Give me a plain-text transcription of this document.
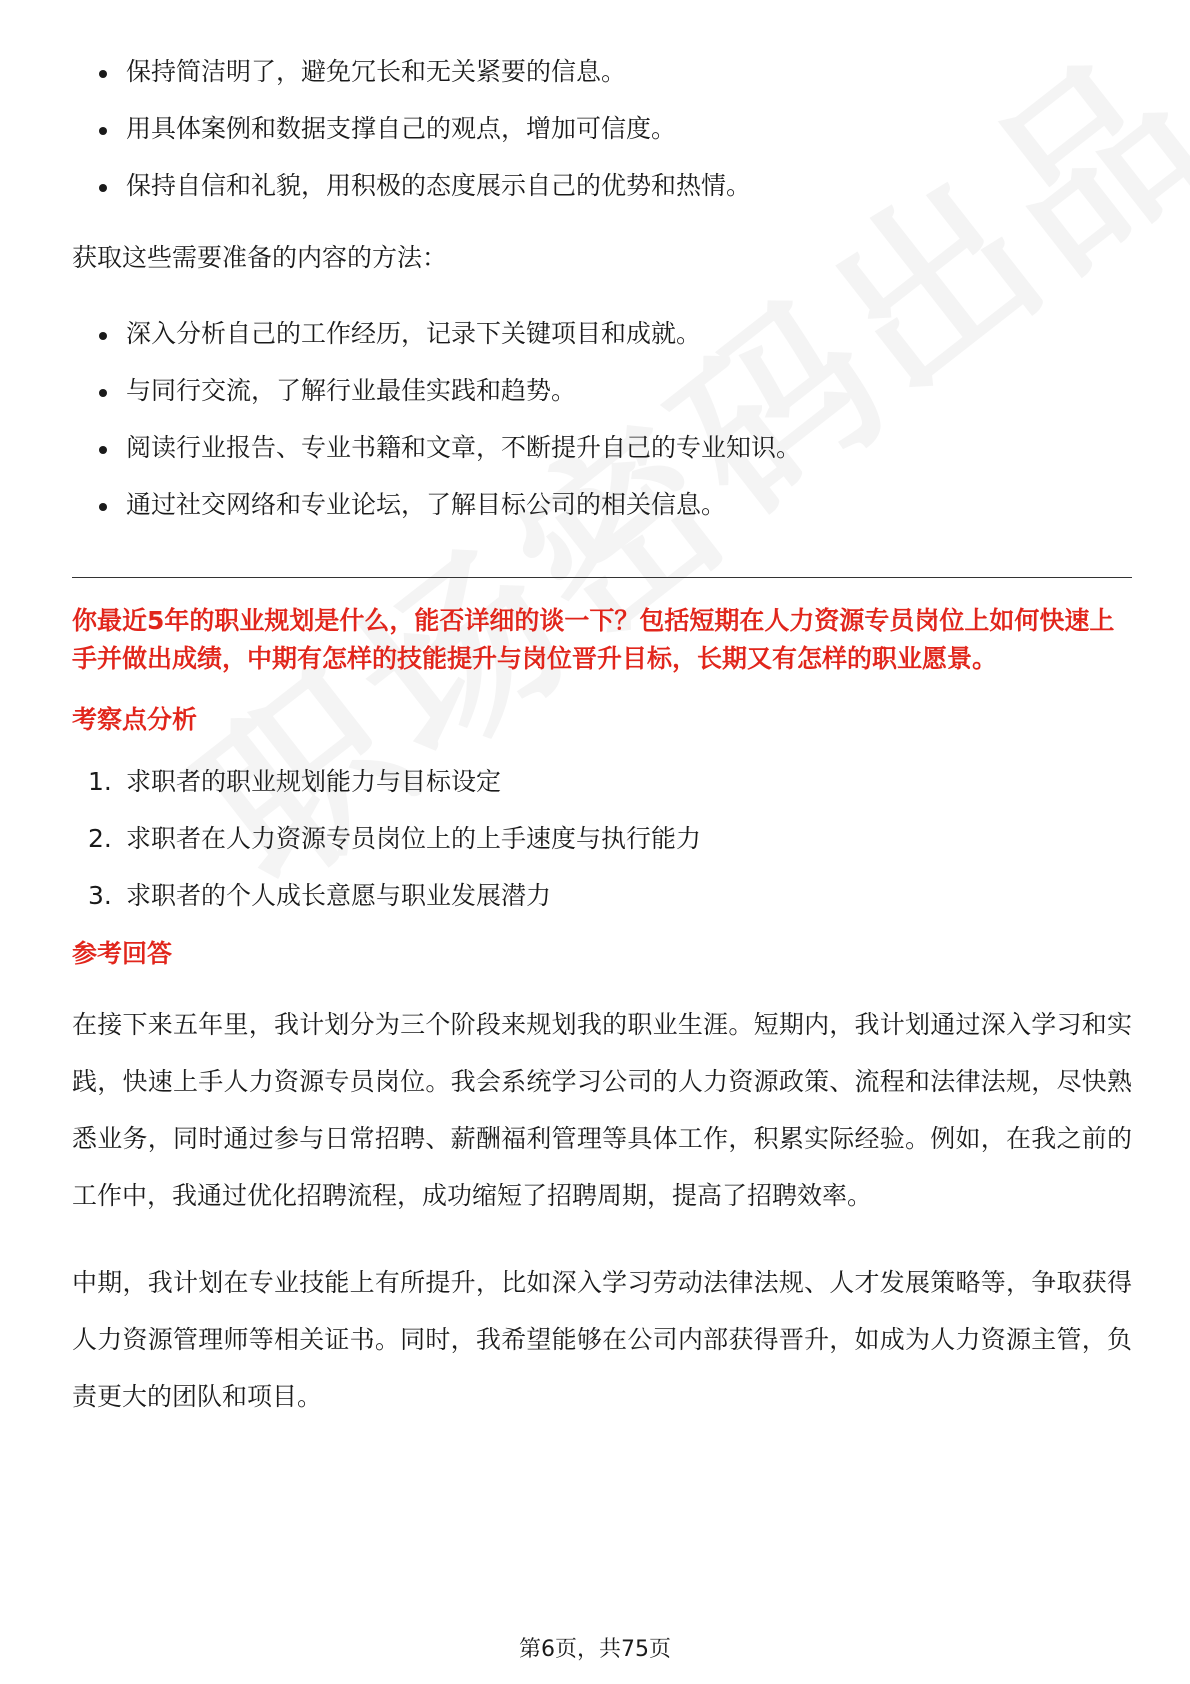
保持简洁明了，避免冗长和无关紧要的信息。
用具体案例和数据支撑自己的观点，增加可信度。
保持自信和礼貌，用积极的态度展示自己的优势和热情。

获取这些需要准备的内容的方法：

深入分析自己的工作经历，记录下关键项目和成就。
与同行交流，了解行业最佳实践和趋势。
阅读行业报告、专业书籍和文章，不断提升自己的专业知识。
通过社交网络和专业论坛，了解目标公司的相关信息。
你最近5年的职业规划是什么，能否详细的谈一下？包括短期在人力资源专员岗位上如何快速上手并做出成绩，中期有怎样的技能提升与岗位晋升目标，长期又有怎样的职业愿景。
考察点分析
1. 求职者的职业规划能力与目标设定
2. 求职者在人力资源专员岗位上的上手速度与执行能力
3. 求职者的个人成长意愿与职业发展潜力
参考回答

在接下来五年里，我计划分为三个阶段来规划我的职业生涯。短期内，我计划通过深入学习和实践，快速上手人力资源专员岗位。我会系统学习公司的人力资源政策、流程和法律法规，尽快熟悉业务，同时通过参与日常招聘、薪酬福利管理等具体工作，积累实际经验。例如，在我之前的工作中，我通过优化招聘流程，成功缩短了招聘周期，提高了招聘效率。

中期，我计划在专业技能上有所提升，比如深入学习劳动法律法规、人才发展策略等，争取获得人力资源管理师等相关证书。同时，我希望能够在公司内部获得晋升，如成为人力资源主管，负责更大的团队和项目。

第6页，共75页
